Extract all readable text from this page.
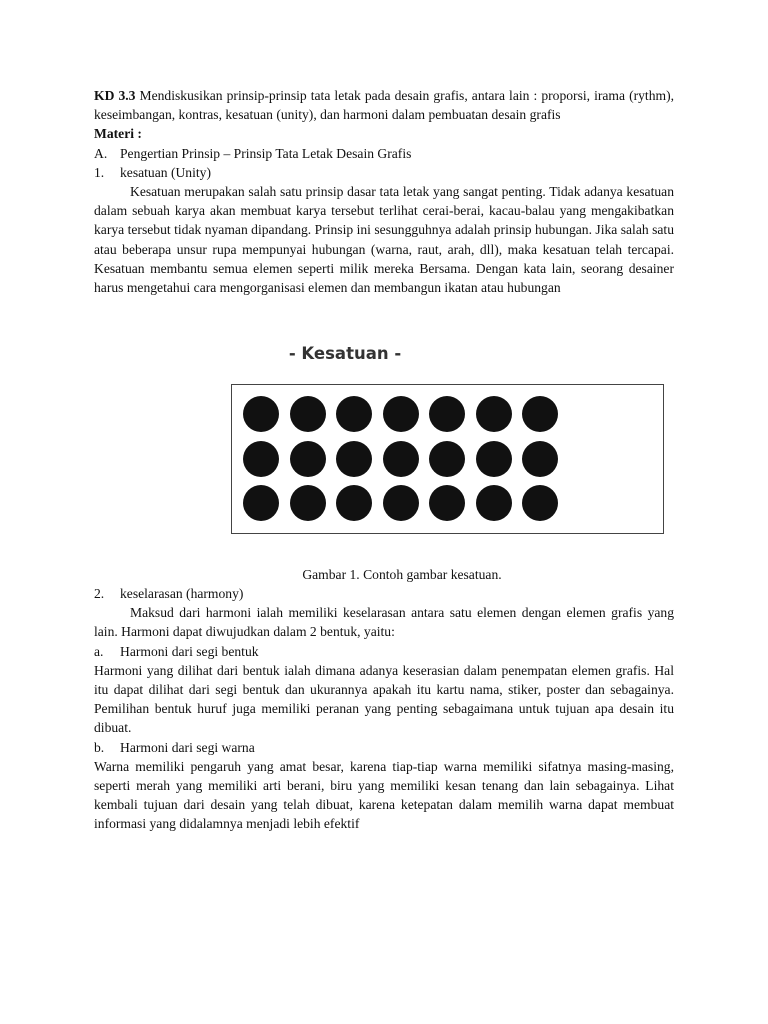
KD 3.3 Mendiskusikan prinsip-prinsip tata letak pada desain grafis, antara lain : proporsi, irama (rythm), keseimbangan, kontras, kesatuan (unity), dan harmoni dalam pembuatan desain grafis

Materi :

A. Pengertian Prinsip – Prinsip Tata Letak Desain Grafis
1.	kesatuan (Unity)

Kesatuan merupakan salah satu prinsip dasar tata letak yang sangat penting. Tidak adanya kesatuan dalam sebuah karya akan membuat karya tersebut terlihat cerai-berai, kacau-balau yang mengakibatkan karya tersebut tidak nyaman dipandang. Prinsip ini sesungguhnya adalah prinsip hubungan. Jika salah satu atau beberapa unsur rupa mempunyai hubungan (warna, raut, arah, dll), maka kesatuan telah tercapai. Kesatuan membantu semua elemen seperti milik mereka Bersama. Dengan kata lain, seorang desainer harus mengetahui cara mengorganisasi elemen dan membangun ikatan atau hubungan

- Kesatuan -
Gambar 1. Contoh gambar kesatuan.
2.	keselarasan (harmony)

Maksud dari harmoni ialah memiliki keselarasan antara satu elemen dengan elemen grafis yang lain. Harmoni dapat diwujudkan dalam 2 bentuk, yaitu:

a.	Harmoni dari segi bentuk

Harmoni yang dilihat dari bentuk ialah dimana adanya keserasian dalam penempatan elemen grafis. Hal itu dapat dilihat dari segi bentuk dan ukurannya apakah itu kartu nama, stiker, poster dan sebagainya. Pemilihan bentuk huruf juga memiliki peranan yang penting sebagaimana untuk tujuan apa desain itu dibuat.

b.	Harmoni dari segi warna

Warna memiliki pengaruh yang amat besar, karena tiap-tiap warna memiliki sifatnya masing-masing, seperti merah yang memiliki arti berani, biru yang memiliki kesan tenang dan lain sebagainya. Lihat kembali tujuan dari desain yang telah dibuat, karena ketepatan dalam memilih warna dapat membuat informasi yang didalamnya menjadi lebih efektif
